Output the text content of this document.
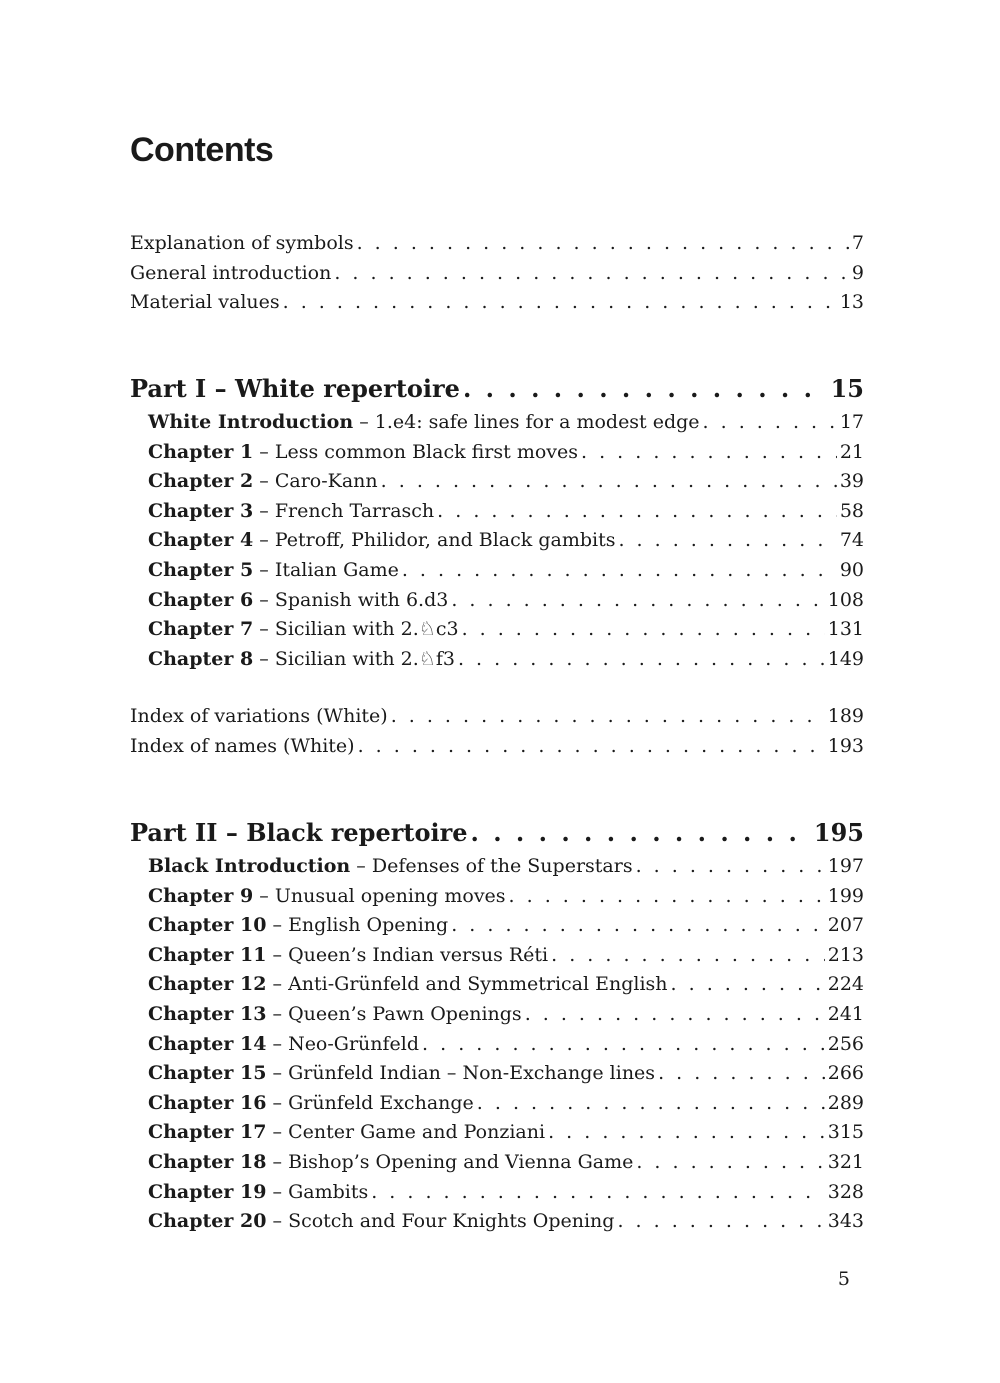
Contents
Explanation of symbols . . .	7
General introduction . . .	9
Material values . . .	13
Part I – White repertoire . . .	15
White Introduction – 1.e4: safe lines for a modest edge . . .	17
Chapter 1 – Less common Black first moves . . .	21
Chapter 2 – Caro-Kann . . .	39
Chapter 3 – French Tarrasch . . .	58
Chapter 4 – Petroff, Philidor, and Black gambits . . .	74
Chapter 5 – Italian Game . . .	90
Chapter 6 – Spanish with 6.d3 . . .	108
Chapter 7 – Sicilian with 2.♘c3 . . .	131
Chapter 8 – Sicilian with 2.♘f3 . . .	149
Index of variations (White) . . .	189
Index of names (White) . . .	193
Part II – Black repertoire . . .	195
Black Introduction – Defenses of the Superstars . . .	197
Chapter 9 – Unusual opening moves . . .	199
Chapter 10 – English Opening . . .	207
Chapter 11 – Queen’s Indian versus Réti . . .	213
Chapter 12 – Anti-Grünfeld and Symmetrical English . . .	224
Chapter 13 – Queen’s Pawn Openings . . .	241
Chapter 14 – Neo-Grünfeld . . .	256
Chapter 15 – Grünfeld Indian – Non-Exchange lines . . .	266
Chapter 16 – Grünfeld Exchange . . .	289
Chapter 17 – Center Game and Ponziani . . .	315
Chapter 18 – Bishop’s Opening and Vienna Game . . .	321
Chapter 19 – Gambits . . .	328
Chapter 20 – Scotch and Four Knights Opening . . .	343
5
